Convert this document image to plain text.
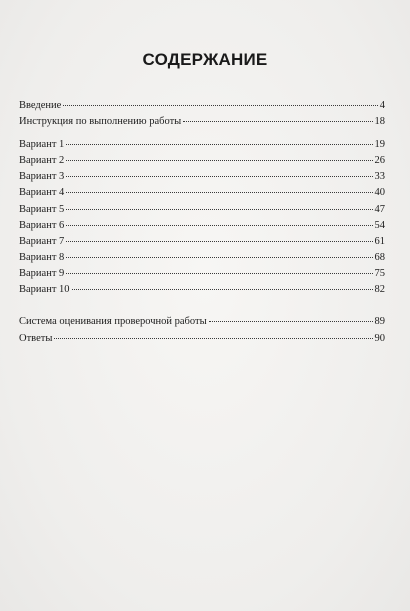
СОДЕРЖАНИЕ
Введение	4
Инструкция по выполнению работы	18
Вариант 1	19
Вариант 2	26
Вариант 3	33
Вариант 4	40
Вариант 5	47
Вариант 6	54
Вариант 7	61
Вариант 8	68
Вариант 9	75
Вариант 10	82
Система оценивания проверочной работы	89
Ответы	90
